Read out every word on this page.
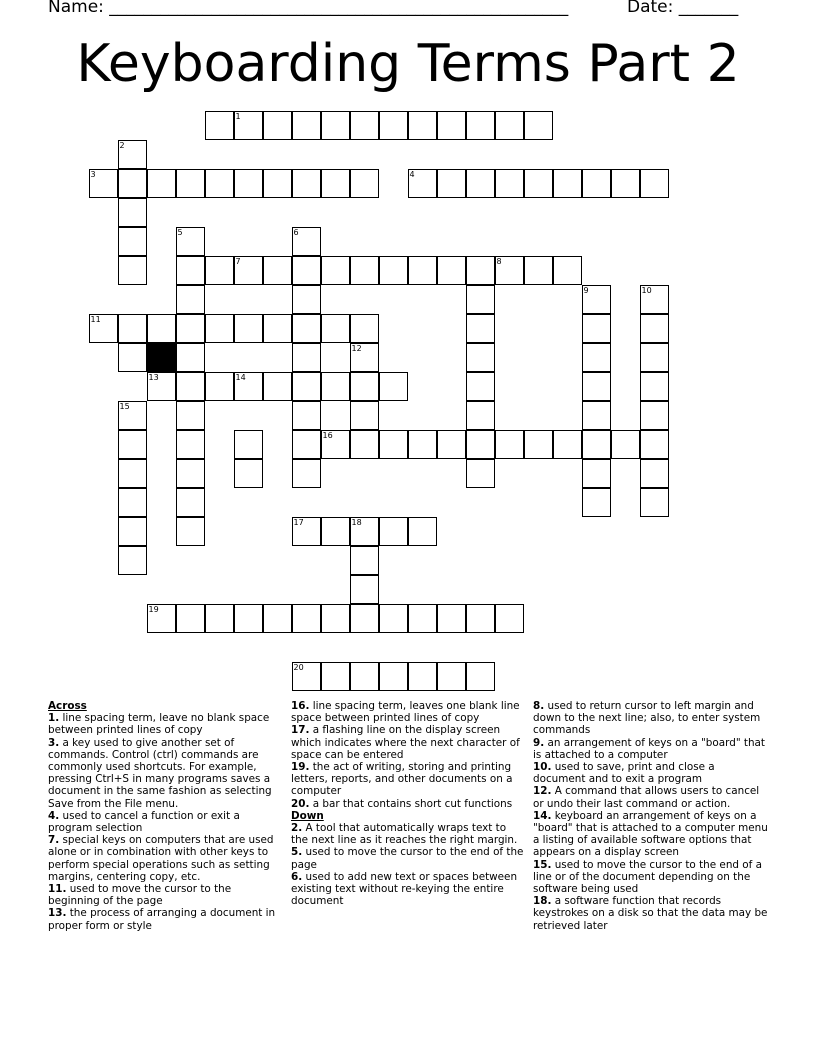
Name: ______________________________________________________	Date: _______
Keyboarding Terms Part 2
1
2
3	4
5	6
7	8
9	10
11
12
13	14
15
16
17	18
19
20
Across
1. line spacing term, leave no blank space between printed lines of copy
3. a key used to give another set of commands. Control (ctrl) commands are commonly used shortcuts. For example, pressing Ctrl+S in many programs saves a document in the same fashion as selecting Save from the File menu.
4. used to cancel a function or exit a program selection
7. special keys on computers that are used alone or in combination with other keys to perform special operations such as setting margins, centering copy, etc.
11. used to move the cursor to the beginning of the page
13. the process of arranging a document in proper form or style
16. line spacing term, leaves one blank line space between printed lines of copy
17. a flashing line on the display screen which indicates where the next character of space can be entered
19. the act of writing, storing and printing letters, reports, and other documents on a computer
20. a bar that contains short cut functions
Down
2. A tool that automatically wraps text to the next line as it reaches the right margin.
5. used to move the cursor to the end of the page
6. used to add new text or spaces between existing text without re-keying the entire document
8. used to return cursor to left margin and down to the next line; also, to enter system commands
9. an arrangement of keys on a "board" that is attached to a computer
10. used to save, print and close a document and to exit a program
12. A command that allows users to cancel or undo their last command or action.
14. keyboard an arrangement of keys on a "board" that is attached to a computer menu a listing of available software options that appears on a display screen
15. used to move the cursor to the end of a line or of the document depending on the software being used
18. a software function that records keystrokes on a disk so that the data may be retrieved later
